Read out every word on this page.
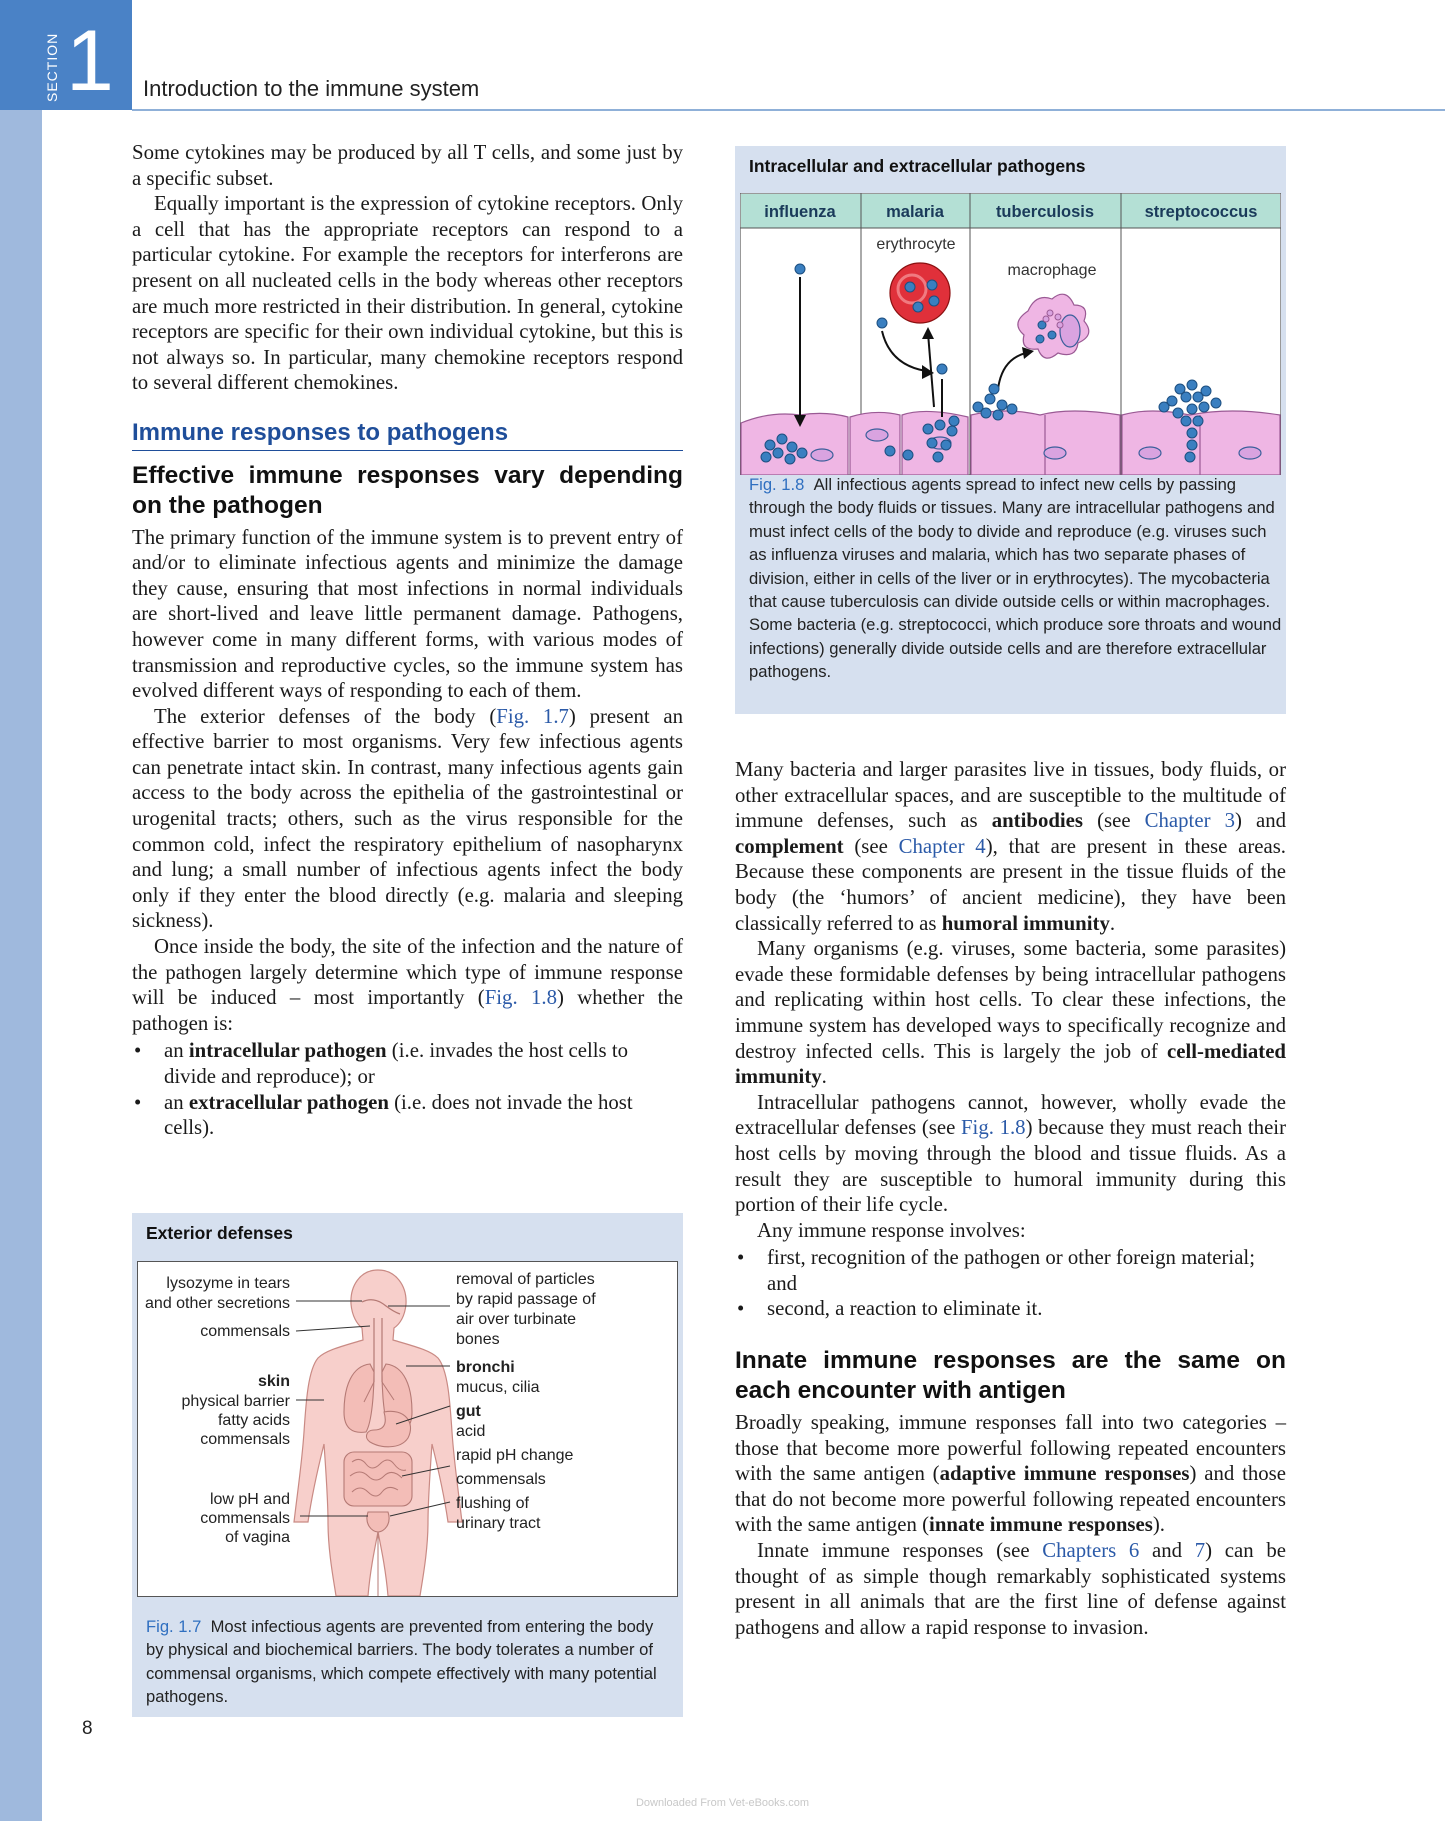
SECTION 1 Introduction to the immune system

Some cytokines may be produced by all T cells, and some just by a specific subset.

Equally important is the expression of cytokine receptors. Only a cell that has the appropriate receptors can respond to a particular cytokine. For example the receptors for interferons are present on all nucleated cells in the body whereas other receptors are much more restricted in their distribution. In general, cytokine receptors are specific for their own individual cytokine, but this is not always so. In particular, many chemokine receptors respond to several different chemokines.

Immune responses to pathogens
Effective immune responses vary depending on the pathogen

The primary function of the immune system is to prevent entry of and/or to eliminate infectious agents and minimize the damage they cause, ensuring that most infections in normal individuals are short-lived and leave little permanent damage. Pathogens, however come in many different forms, with various modes of transmission and reproductive cycles, so the immune system has evolved different ways of responding to each of them.

The exterior defenses of the body (Fig. 1.7) present an effective barrier to most organisms. Very few infectious agents can penetrate intact skin. In contrast, many infectious agents gain access to the body across the epithelia of the gastrointestinal or urogenital tracts; others, such as the virus responsible for the common cold, infect the respiratory epithelium of nasopharynx and lung; a small number of infectious agents infect the body only if they enter the blood directly (e.g. malaria and sleeping sickness).

Once inside the body, the site of the infection and the nature of the pathogen largely determine which type of immune response will be induced – most importantly (Fig. 1.8) whether the pathogen is:

• an intracellular pathogen (i.e. invades the host cells to divide and reproduce); or
• an extracellular pathogen (i.e. does not invade the host cells).
Exterior defenses
lysozyme in tears
and other secretions
commensals
skin
physical barrier
fatty acids
commensals
low pH and
commensals
of vagina
removal of particles
by rapid passage of
air over turbinate
bones
bronchi
mucus, cilia
gut
acid
rapid pH change
commensals
flushing of
urinary tract
Fig. 1.7 Most infectious agents are prevented from entering the body by physical and biochemical barriers. The body tolerates a number of commensal organisms, which compete effectively with many potential pathogens.
Intracellular and extracellular pathogens
influenza	malaria	tuberculosis	streptococcus
erythrocyte
macrophage
Fig. 1.8 All infectious agents spread to infect new cells by passing through the body fluids or tissues. Many are intracellular pathogens and must infect cells of the body to divide and reproduce (e.g. viruses such as influenza viruses and malaria, which has two separate phases of division, either in cells of the liver or in erythrocytes). The mycobacteria that cause tuberculosis can divide outside cells or within macrophages. Some bacteria (e.g. streptococci, which produce sore throats and wound infections) generally divide outside cells and are therefore extracellular pathogens.

Many bacteria and larger parasites live in tissues, body fluids, or other extracellular spaces, and are susceptible to the multitude of immune defenses, such as antibodies (see Chapter 3) and complement (see Chapter 4), that are present in these areas. Because these components are present in the tissue fluids of the body (the ‘humors’ of ancient medicine), they have been classically referred to as humoral immunity.

Many organisms (e.g. viruses, some bacteria, some parasites) evade these formidable defenses by being intracellular pathogens and replicating within host cells. To clear these infections, the immune system has developed ways to specifically recognize and destroy infected cells. This is largely the job of cell-mediated immunity.

Intracellular pathogens cannot, however, wholly evade the extracellular defenses (see Fig. 1.8) because they must reach their host cells by moving through the blood and tissue fluids. As a result they are susceptible to humoral immunity during this portion of their life cycle.

Any immune response involves:

• first, recognition of the pathogen or other foreign material; and
• second, a reaction to eliminate it.
Innate immune responses are the same on each encounter with antigen

Broadly speaking, immune responses fall into two categories – those that become more powerful following repeated encounters with the same antigen (adaptive immune responses) and those that do not become more powerful following repeated encounters with the same antigen (innate immune responses).

Innate immune responses (see Chapters 6 and 7) can be thought of as simple though remarkably sophisticated systems present in all animals that are the first line of defense against pathogens and allow a rapid response to invasion.

8
Downloaded From Vet-eBooks.com
